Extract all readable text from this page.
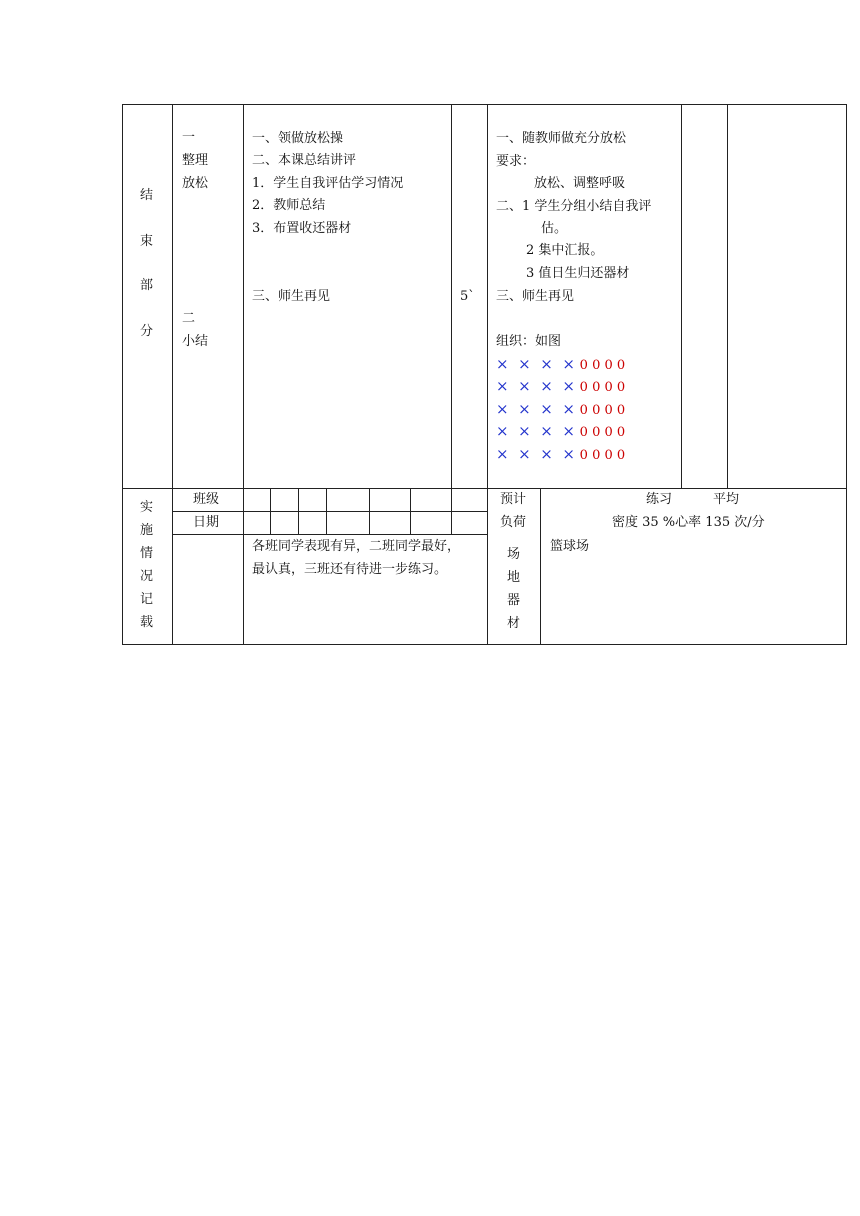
结
束
部
分
一
整理
放松
二
小结
一、领做放松操
二、本课总结讲评
1．学生自我评估学习情况
2．教师总结
3．布置收还器材
三、师生再见	5`
一、随教师做充分放松
要求：
放松、调整呼吸
二、1 学生分组小结自我评
估。
2 集中汇报。
3 值日生归还器材
三、师生再见
组织：如图
×  ×  ×  × 0 0 0 0
×  ×  ×  × 0 0 0 0
×  ×  ×  × 0 0 0 0
×  ×  ×  × 0 0 0 0
×  ×  ×  × 0 0 0 0
实
施
情
况
记
载
班级
日期
各班同学表现有异，二班同学最好，
最认真，三班还有待进一步练习。
预计
负荷
练习	平均
密度 35 %心率 135 次/分
场
地
器
材
篮球场
